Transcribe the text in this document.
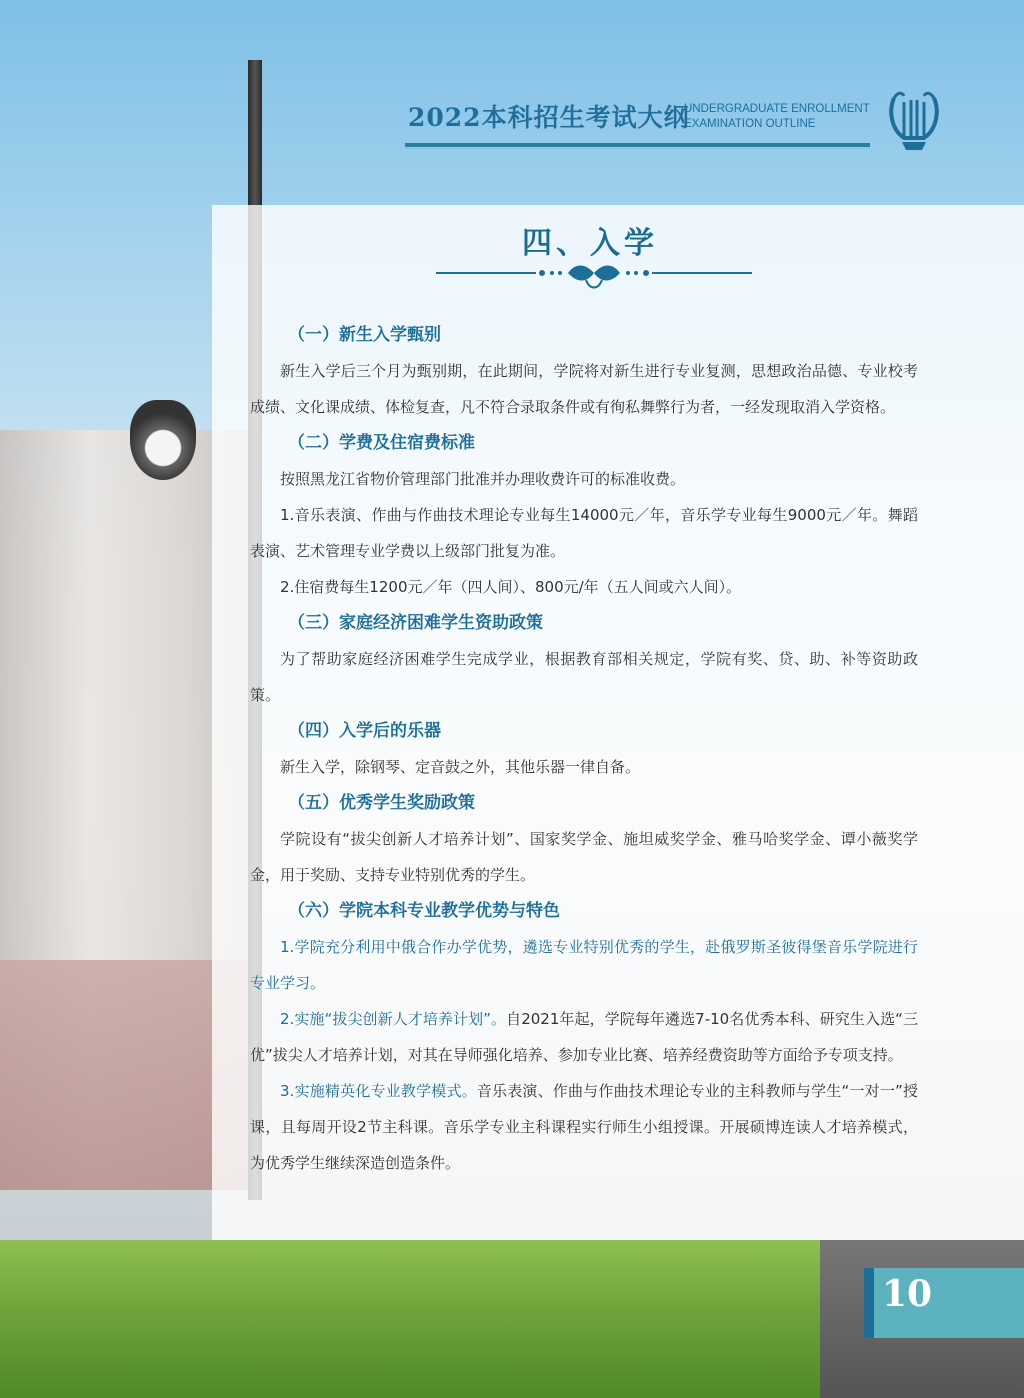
2022本科招生考试大纲
UNDERGRADUATE ENROLLMENT
EXAMINATION OUTLINE
四、入学
（一）新生入学甄别

新生入学后三个月为甄别期，在此期间，学院将对新生进行专业复测，思想政治品德、专业校考成绩、文化课成绩、体检复查，凡不符合录取条件或有徇私舞弊行为者，一经发现取消入学资格。

（二）学费及住宿费标准

按照黑龙江省物价管理部门批准并办理收费许可的标准收费。

1.音乐表演、作曲与作曲技术理论专业每生14000元／年，音乐学专业每生9000元／年。舞蹈表演、艺术管理专业学费以上级部门批复为准。

2.住宿费每生1200元／年（四人间）、800元/年（五人间或六人间）。

（三）家庭经济困难学生资助政策

为了帮助家庭经济困难学生完成学业，根据教育部相关规定，学院有奖、贷、助、补等资助政策。

（四）入学后的乐器

新生入学，除钢琴、定音鼓之外，其他乐器一律自备。

（五）优秀学生奖励政策

学院设有“拔尖创新人才培养计划”、国家奖学金、施坦威奖学金、雅马哈奖学金、谭小薇奖学金，用于奖励、支持专业特别优秀的学生。

（六）学院本科专业教学优势与特色

1.学院充分利用中俄合作办学优势，遴选专业特别优秀的学生，赴俄罗斯圣彼得堡音乐学院进行专业学习。

2.实施“拔尖创新人才培养计划”。自2021年起，学院每年遴选7-10名优秀本科、研究生入选“三优”拔尖人才培养计划，对其在导师强化培养、参加专业比赛、培养经费资助等方面给予专项支持。

3.实施精英化专业教学模式。音乐表演、作曲与作曲技术理论专业的主科教师与学生“一对一”授课，且每周开设2节主科课。音乐学专业主科课程实行师生小组授课。开展硕博连读人才培养模式，为优秀学生继续深造创造条件。

10
